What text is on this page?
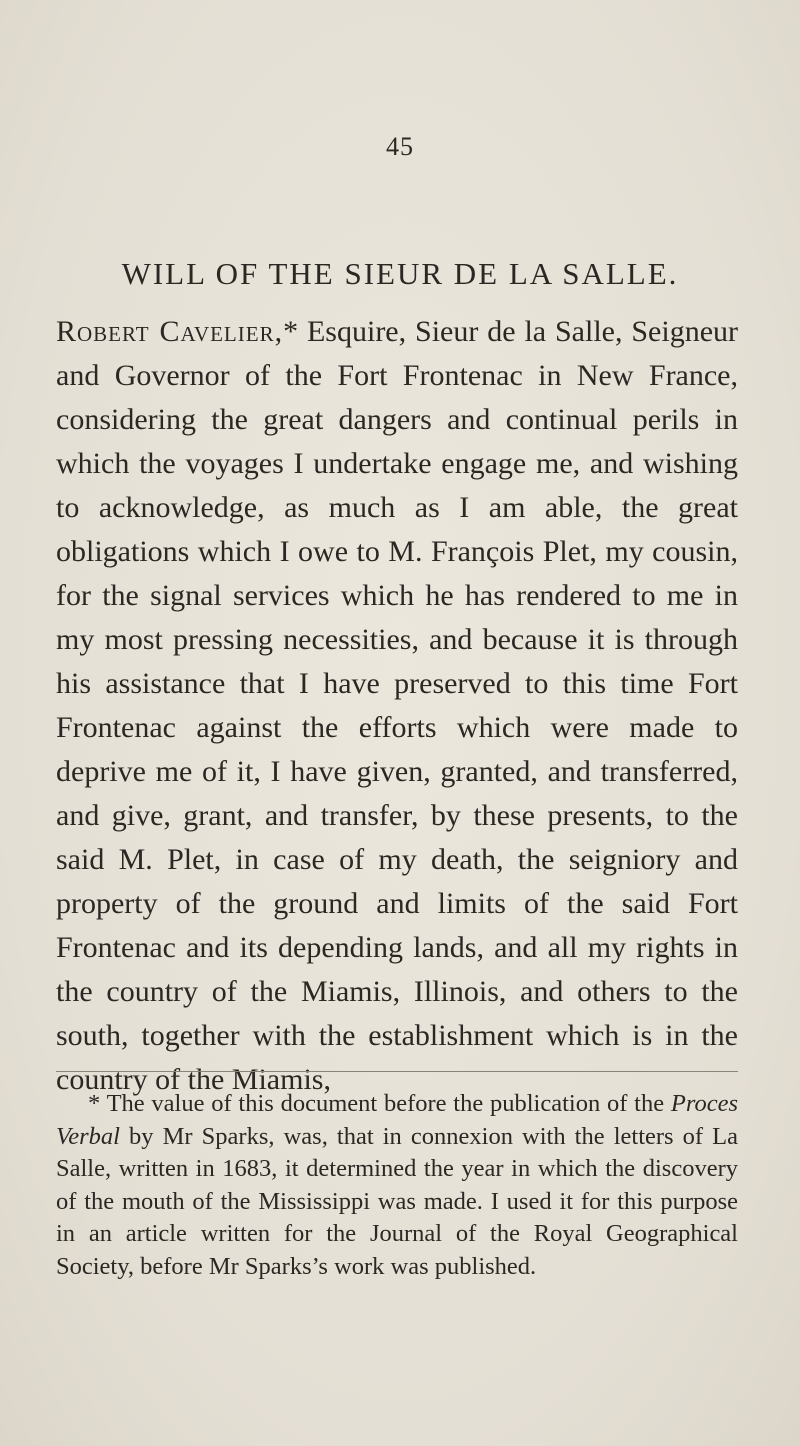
45
WILL OF THE SIEUR DE LA SALLE.

Robert Cavelier,* Esquire, Sieur de la Salle, Seigneur and Governor of the Fort Frontenac in New France, considering the great dangers and continual perils in which the voyages I undertake engage me, and wishing to acknowledge, as much as I am able, the great obligations which I owe to M. François Plet, my cousin, for the signal services which he has rendered to me in my most pressing necessities, and because it is through his assistance that I have preserved to this time Fort Frontenac against the efforts which were made to deprive me of it, I have given, granted, and transferred, and give, grant, and transfer, by these presents, to the said M. Plet, in case of my death, the seigniory and property of the ground and limits of the said Fort Frontenac and its depending lands, and all my rights in the country of the Miamis, Illinois, and others to the south, together with the establishment which is in the country of the Miamis,

* The value of this document before the publication of the Proces Verbal by Mr Sparks, was, that in connexion with the letters of La Salle, written in 1683, it determined the year in which the discovery of the mouth of the Mississippi was made. I used it for this purpose in an article written for the Journal of the Royal Geographical Society, before Mr Sparks’s work was published.
